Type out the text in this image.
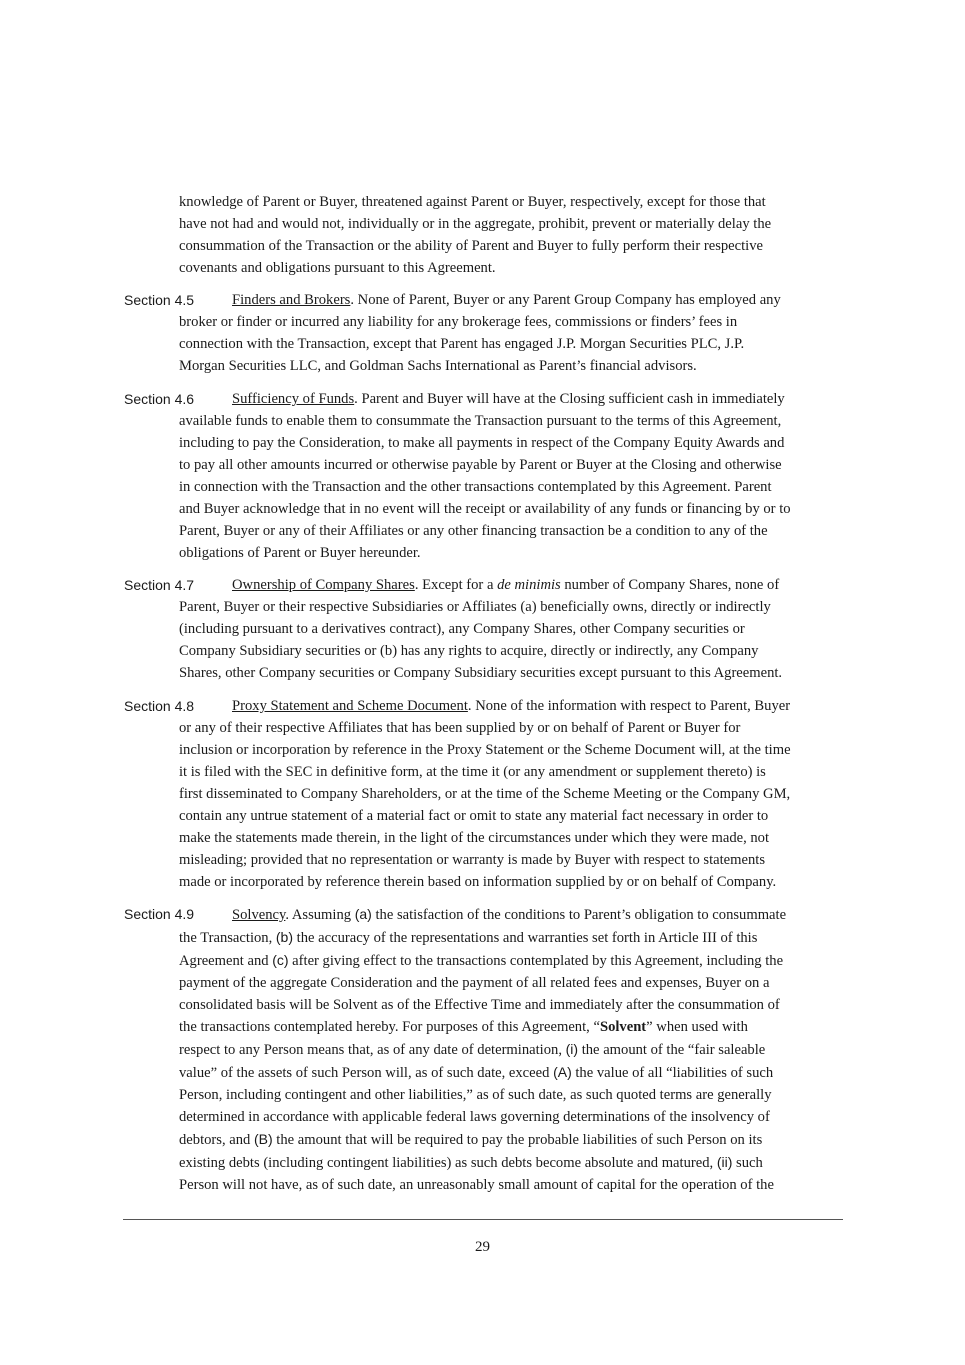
knowledge of Parent or Buyer, threatened against Parent or Buyer, respectively, except for those that
have not had and would not, individually or in the aggregate, prohibit, prevent or materially delay the
consummation of the Transaction or the ability of Parent and Buyer to fully perform their respective
covenants and obligations pursuant to this Agreement.
Section 4.5	Finders and Brokers. None of Parent, Buyer or any Parent Group Company has employed any
broker or finder or incurred any liability for any brokerage fees, commissions or finders’ fees in
connection with the Transaction, except that Parent has engaged J.P. Morgan Securities PLC, J.P.
Morgan Securities LLC, and Goldman Sachs International as Parent’s financial advisors.
Section 4.6	Sufficiency of Funds. Parent and Buyer will have at the Closing sufficient cash in immediately
available funds to enable them to consummate the Transaction pursuant to the terms of this Agreement,
including to pay the Consideration, to make all payments in respect of the Company Equity Awards and
to pay all other amounts incurred or otherwise payable by Parent or Buyer at the Closing and otherwise
in connection with the Transaction and the other transactions contemplated by this Agreement. Parent
and Buyer acknowledge that in no event will the receipt or availability of any funds or financing by or to
Parent, Buyer or any of their Affiliates or any other financing transaction be a condition to any of the
obligations of Parent or Buyer hereunder.
Section 4.7	Ownership of Company Shares. Except for a de minimis number of Company Shares, none of
Parent, Buyer or their respective Subsidiaries or Affiliates (a) beneficially owns, directly or indirectly
(including pursuant to a derivatives contract), any Company Shares, other Company securities or
Company Subsidiary securities or (b) has any rights to acquire, directly or indirectly, any Company
Shares, other Company securities or Company Subsidiary securities except pursuant to this Agreement.
Section 4.8	Proxy Statement and Scheme Document. None of the information with respect to Parent, Buyer
or any of their respective Affiliates that has been supplied by or on behalf of Parent or Buyer for
inclusion or incorporation by reference in the Proxy Statement or the Scheme Document will, at the time
it is filed with the SEC in definitive form, at the time it (or any amendment or supplement thereto) is
first disseminated to Company Shareholders, or at the time of the Scheme Meeting or the Company GM,
contain any untrue statement of a material fact or omit to state any material fact necessary in order to
make the statements made therein, in the light of the circumstances under which they were made, not
misleading; provided that no representation or warranty is made by Buyer with respect to statements
made or incorporated by reference therein based on information supplied by or on behalf of Company.
Section 4.9	Solvency. Assuming (a) the satisfaction of the conditions to Parent’s obligation to consummate
the Transaction, (b) the accuracy of the representations and warranties set forth in Article III of this
Agreement and (c) after giving effect to the transactions contemplated by this Agreement, including the
payment of the aggregate Consideration and the payment of all related fees and expenses, Buyer on a
consolidated basis will be Solvent as of the Effective Time and immediately after the consummation of
the transactions contemplated hereby. For purposes of this Agreement, “Solvent” when used with
respect to any Person means that, as of any date of determination, (i) the amount of the “fair saleable
value” of the assets of such Person will, as of such date, exceed (A) the value of all “liabilities of such
Person, including contingent and other liabilities,” as of such date, as such quoted terms are generally
determined in accordance with applicable federal laws governing determinations of the insolvency of
debtors, and (B) the amount that will be required to pay the probable liabilities of such Person on its
existing debts (including contingent liabilities) as such debts become absolute and matured, (ii) such
Person will not have, as of such date, an unreasonably small amount of capital for the operation of the
29
